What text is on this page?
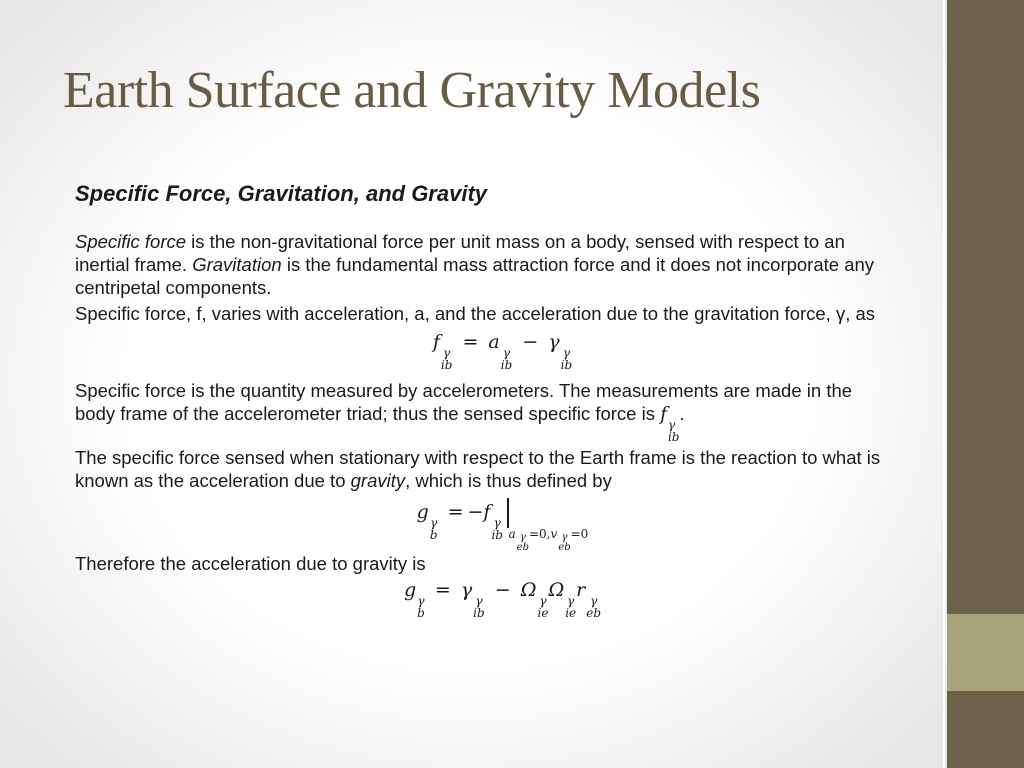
Earth Surface and Gravity Models
Specific Force, Gravitation, and Gravity

Specific force is the non-gravitational force per unit mass on a body, sensed with respect to an inertial frame. Gravitation is the fundamental mass attraction force and it does not incorporate any centripetal components.

Specific force, f, varies with acceleration, a, and the acceleration due to the gravitation force, γ, as

f γ
ib
= a γ
ib
− γ γ
ib

Specific force is the quantity measured by accelerometers. The measurements are made in the body frame of the accelerometer triad; thus the sensed specific force is f γ
ib
.

The specific force sensed when stationary with respect to the Earth frame is the reaction to what is known as the acceleration due to gravity, which is thus defined by

g γ
b
= −f γ
ib $_{a \gamma eb =0,v \gamma eb =0}$

Therefore the acceleration due to gravity is

g γ
b
= γ γ
ib
− Ω γ
ie
Ω γ
ie
r γ
eb
